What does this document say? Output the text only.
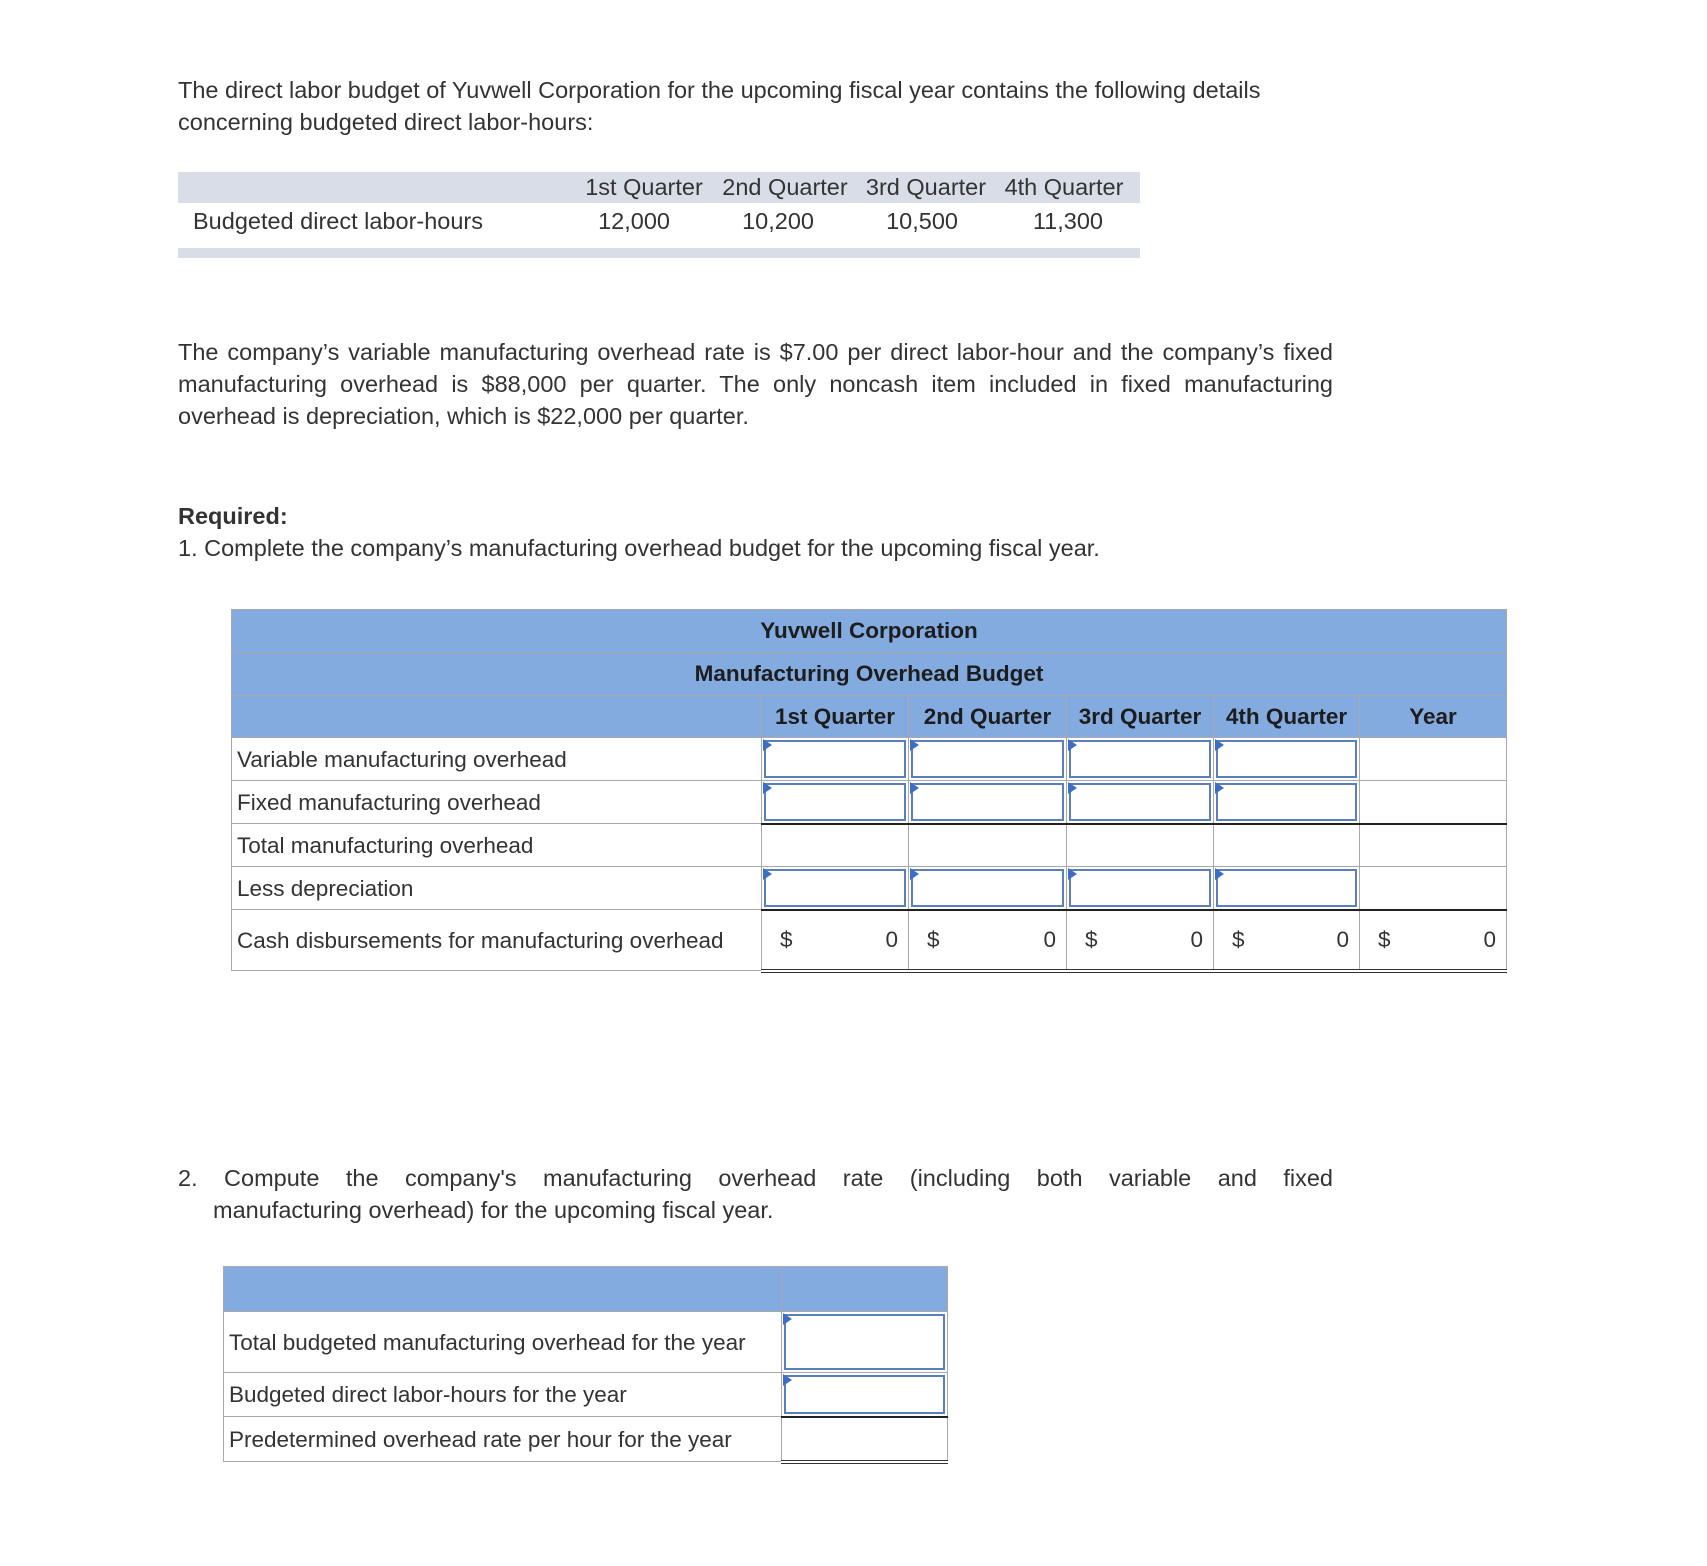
The direct labor budget of Yuvwell Corporation for the upcoming fiscal year contains the following details concerning budgeted direct labor-hours:

1st Quarter 2nd Quarter 3rd Quarter 4th Quarter
Budgeted direct labor-hours	12,000	10,200	10,500	11,300

The company’s variable manufacturing overhead rate is $7.00 per direct labor-hour and the company’s fixed manufacturing overhead is $88,000 per quarter. The only noncash item included in fixed manufacturing overhead is depreciation, which is $22,000 per quarter.

Required:

1. Complete the company’s manufacturing overhead budget for the upcoming fiscal year.

Yuvwell Corporation					
Manufacturing Overhead Budget					
	1st Quarter	2nd Quarter	3rd Quarter	4th Quarter	Year
Variable manufacturing overhead	

Fixed manufacturing overhead	

Total manufacturing overhead					
Less depreciation	

Cash disbursements for manufacturing overhead	$ 0	$ 0	$ 0	$ 0	$ 0
2. Compute the company's manufacturing overhead rate (including both variable and fixed
manufacturing overhead) for the upcoming fiscal year.

Total budgeted manufacturing overhead for the year	

Budgeted direct labor-hours for the year	

Predetermined overhead rate per hour for the year	
